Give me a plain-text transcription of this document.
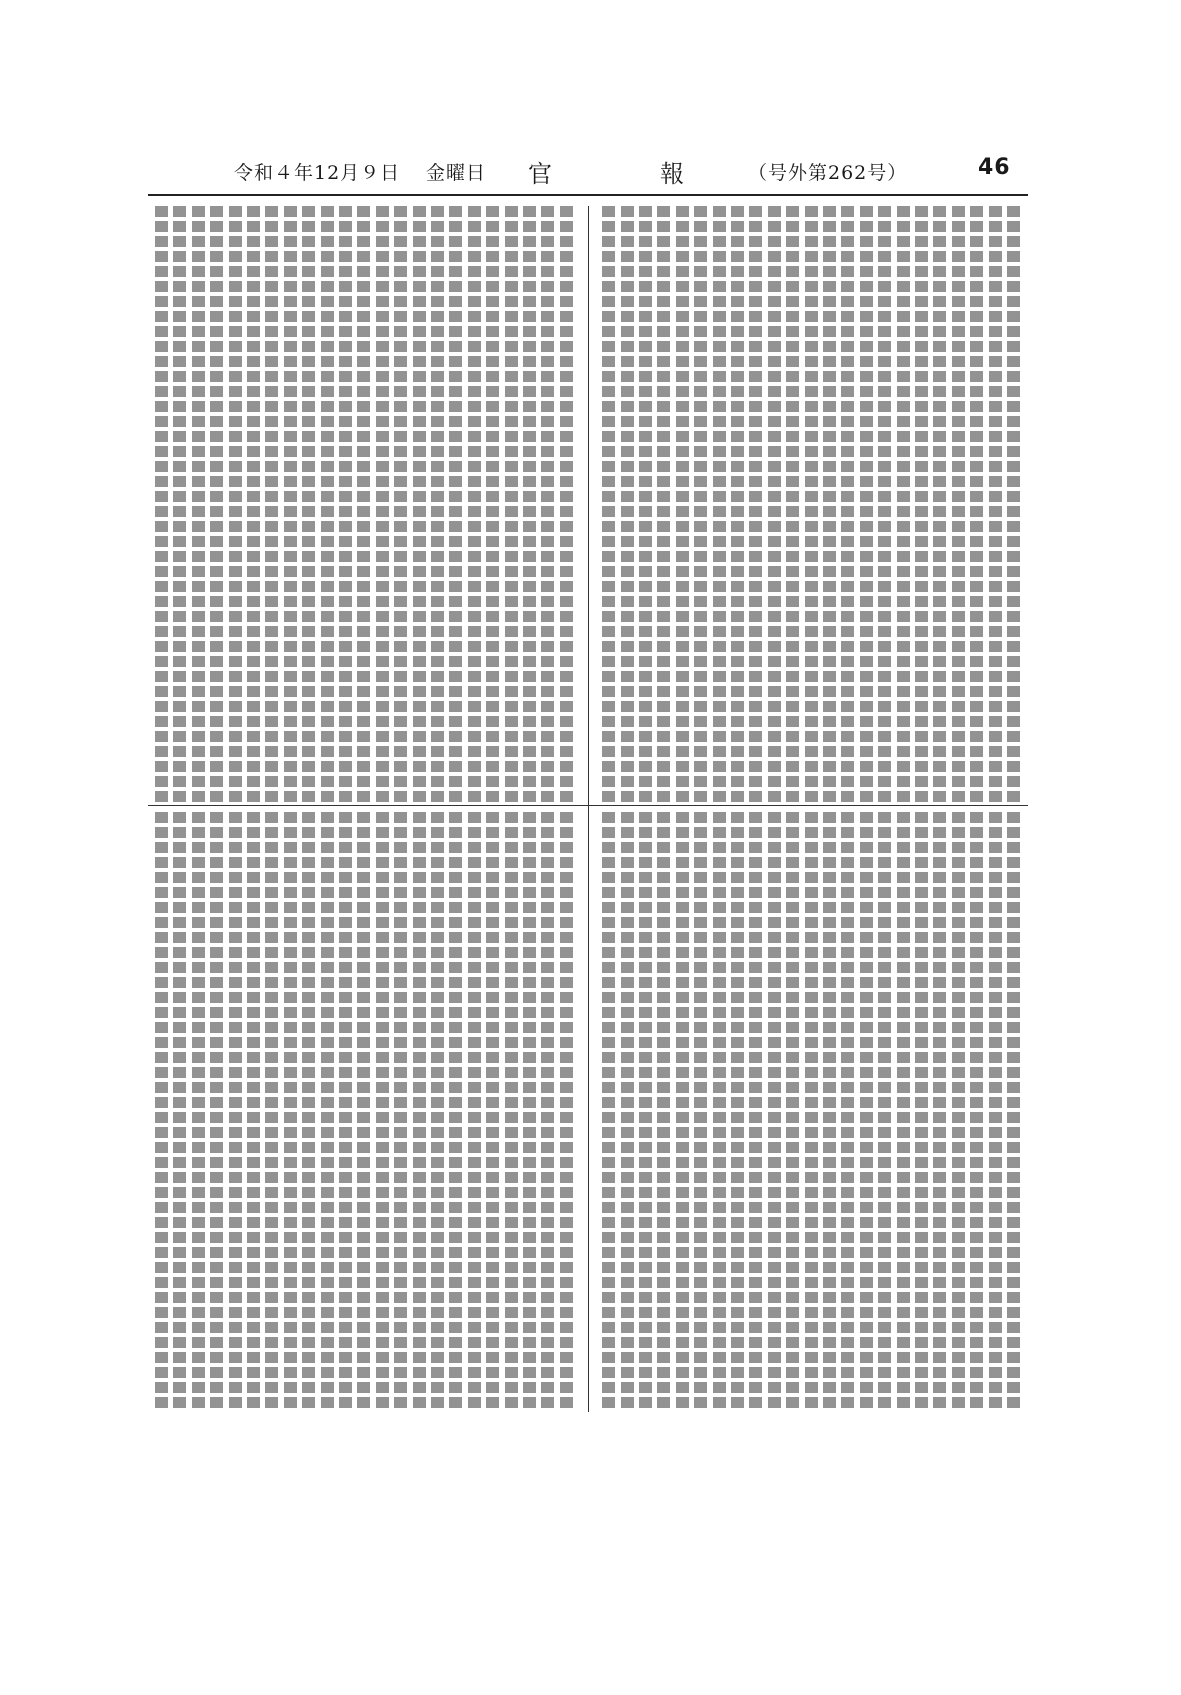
令和４年12月９日 金曜日 官　報 （号外第262号）	46
